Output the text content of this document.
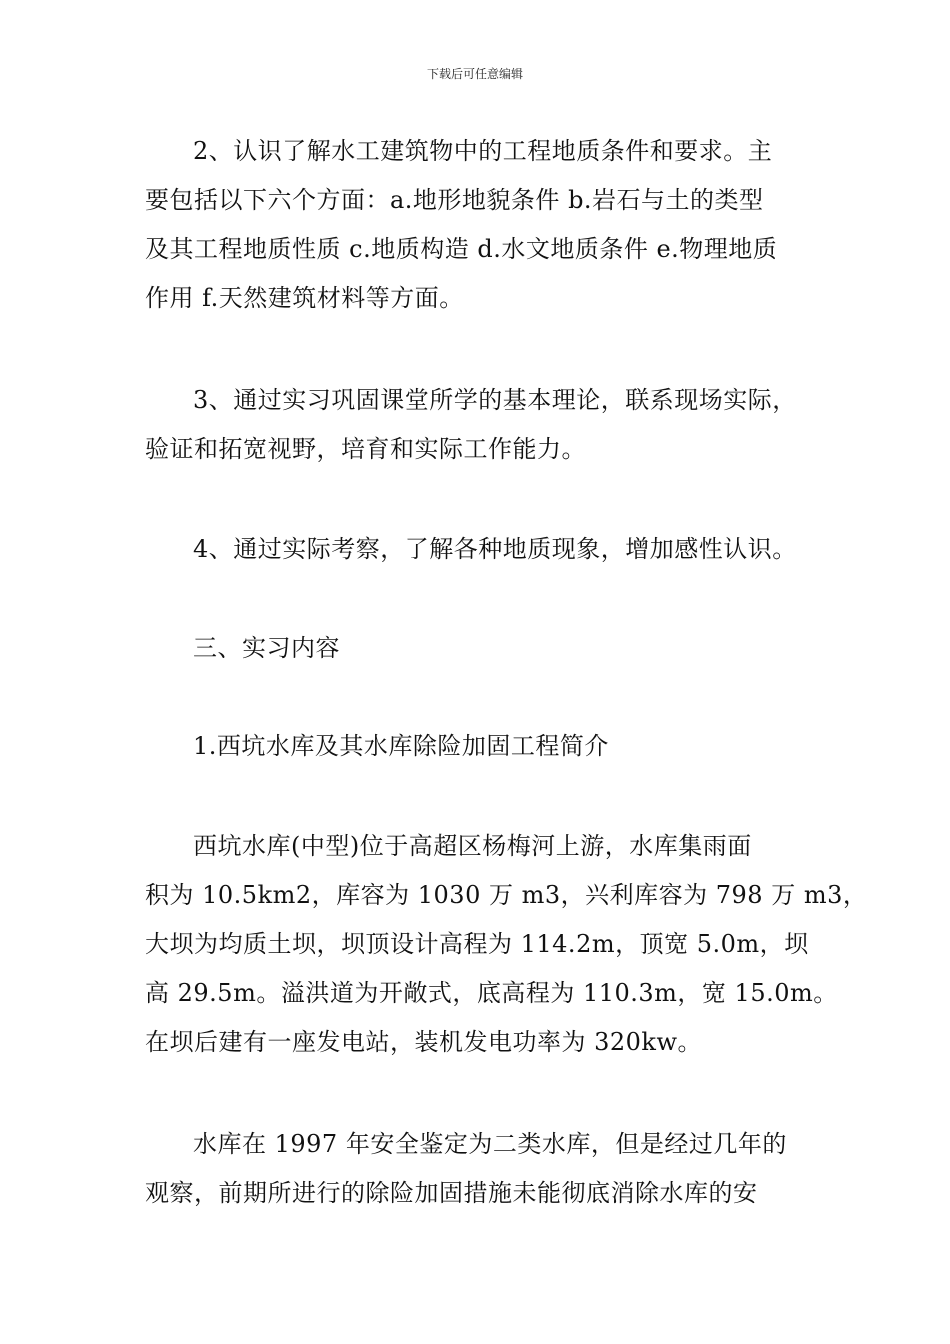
下载后可任意编辑
2、认识了解水工建筑物中的工程地质条件和要求。主
要包括以下六个方面：a.地形地貌条件 b.岩石与土的类型
及其工程地质性质 c.地质构造 d.水文地质条件 e.物理地质
作用 f.天然建筑材料等方面。
3、通过实习巩固课堂所学的基本理论，联系现场实际，
验证和拓宽视野，培育和实际工作能力。
4、通过实际考察，了解各种地质现象，增加感性认识。
三、实习内容
1.西坑水库及其水库除险加固工程简介
西坑水库(中型)位于高超区杨梅河上游，水库集雨面
积为 10.5km2，库容为 1030 万 m3，兴利库容为 798 万 m3，
大坝为均质土坝，坝顶设计高程为 114.2m，顶宽 5.0m，坝
高 29.5m。溢洪道为开敞式，底高程为 110.3m，宽 15.0m。
在坝后建有一座发电站，装机发电功率为 320kw。
水库在 1997 年安全鉴定为二类水库，但是经过几年的
观察，前期所进行的除险加固措施未能彻底消除水库的安
